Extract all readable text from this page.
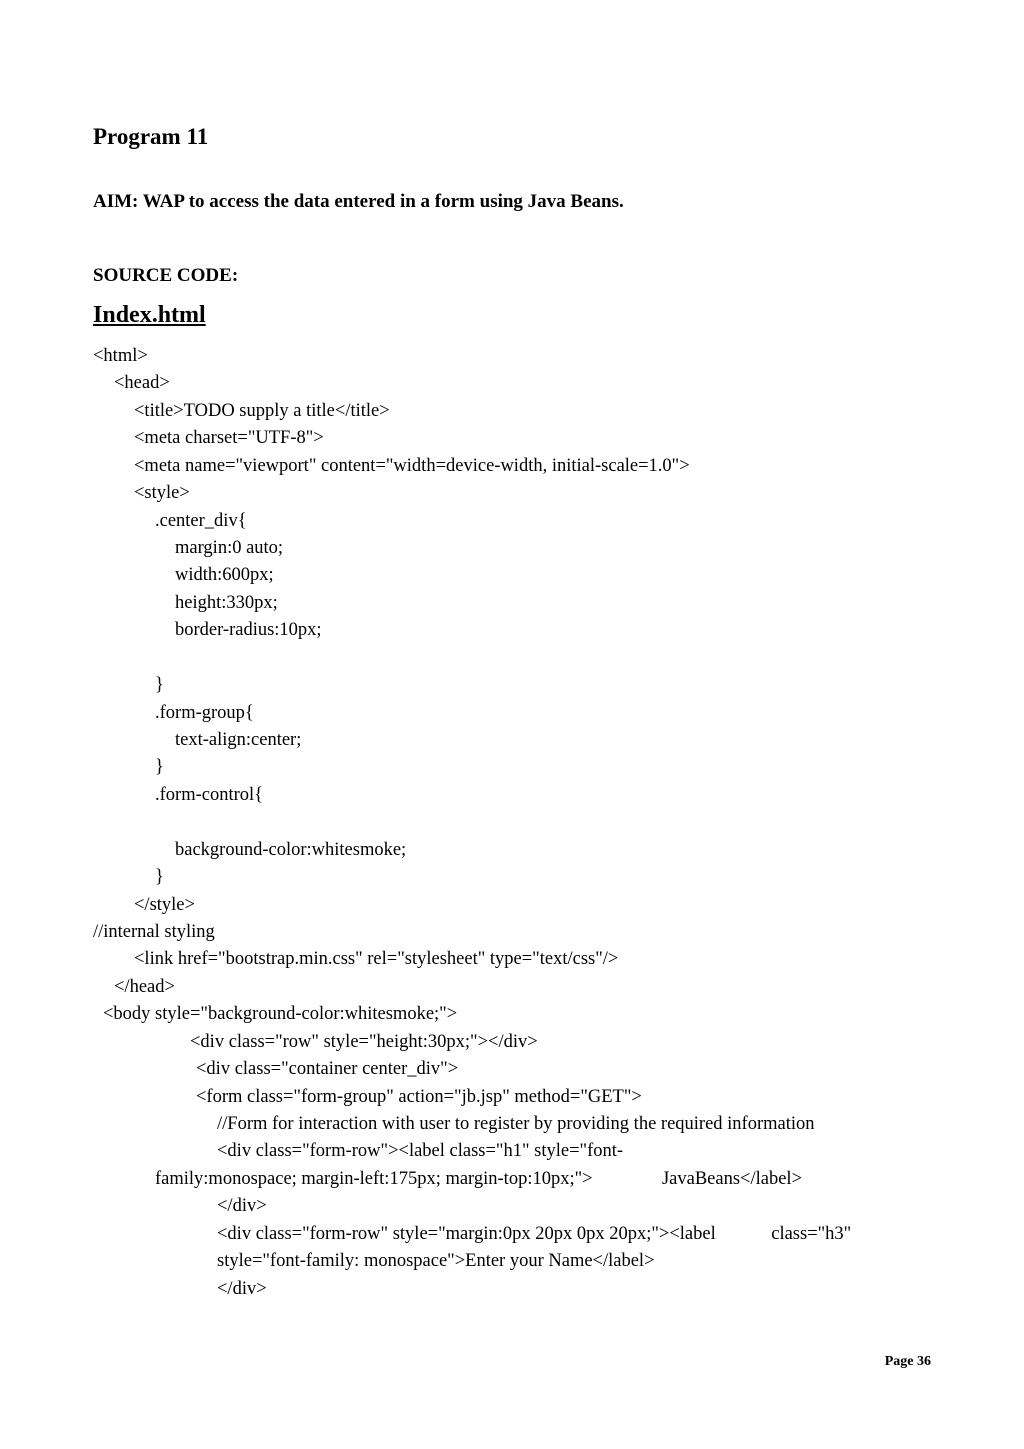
Program 11
AIM: WAP to access the data entered in a form using Java Beans.
SOURCE CODE:
Index.html
<html>
<head>
<title>TODO supply a title</title>
<meta charset="UTF-8">
<meta name="viewport" content="width=device-width, initial-scale=1.0">
<style>
.center_div{
margin:0 auto;
width:600px;
height:330px;
border-radius:10px;
}
.form-group{
text-align:center;
}
.form-control{
background-color:whitesmoke;
}
</style>
//internal styling
<link href="bootstrap.min.css" rel="stylesheet" type="text/css"/>
</head>
<body style="background-color:whitesmoke;">
<div class="row" style="height:30px;"></div>
<div class="container center_div">
<form class="form-group" action="jb.jsp" method="GET">
//Form for interaction with user to register by providing the required information
<div class="form-row"><label class="h1" style="font-
family:monospace; margin-left:175px; margin-top:10px;">               JavaBeans</label>
</div>
<div class="form-row" style="margin:0px 20px 0px 20px;"><label            class="h3"
style="font-family: monospace">Enter your Name</label>
</div>
Page 36
